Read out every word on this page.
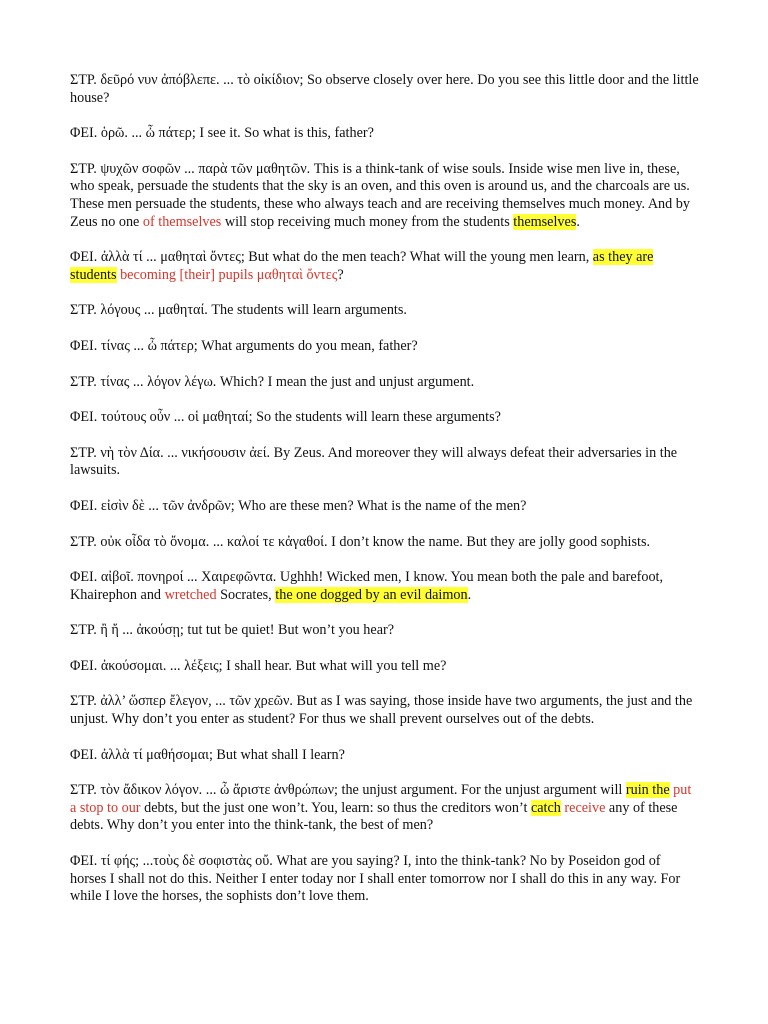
ΣΤΡ. δεῦρό νυν ἀπόβλεπε. ... τὸ οἰκίδιον; So observe closely over here. Do you see this little door and the little house?

ΦΕΙ. ὁρῶ. ... ὦ πάτερ; I see it. So what is this, father?

ΣΤΡ. ψυχῶν σοφῶν ... παρὰ τῶν μαθητῶν. This is a think-tank of wise souls. Inside wise men live in, these, who speak, persuade the students that the sky is an oven, and this oven is around us, and the charcoals are us. These men persuade the students, these who always teach and are receiving themselves much money. And by Zeus no one of themselves will stop receiving much money from the students themselves.

ΦΕΙ. ἀλλὰ τί ... μαθηταὶ ὄντες; But what do the men teach? What will the young men learn, as they are students becoming [their] pupils μαθηταὶ ὄντες?

ΣΤΡ. λόγους ... μαθηταί. The students will learn arguments.

ΦΕΙ. τίνας ... ὦ πάτερ; What arguments do you mean, father?

ΣΤΡ. τίνας ... λόγον λέγω. Which? I mean the just and unjust argument.

ΦΕΙ. τούτους οὖν ... οἱ μαθηταί; So the students will learn these arguments?

ΣΤΡ. νὴ τὸν Δία. ... νικήσουσιν ἀεί. By Zeus. And moreover they will always defeat their adversaries in the lawsuits.

ΦΕΙ. εἰσὶν δὲ ... τῶν ἀνδρῶν; Who are these men? What is the name of the men?

ΣΤΡ. οὐκ οἶδα τὸ ὄνομα. ... καλοί τε κἀγαθοί. I don’t know the name. But they are jolly good sophists.

ΦΕΙ. αἰβοῖ. πονηροί ... Χαιρεφῶντα. Ughhh! Wicked men, I know. You mean both the pale and barefoot, Khairephon and wretched Socrates, the one dogged by an evil daimon.

ΣΤΡ. ἢ ἤ ... ἀκούσῃ; tut tut be quiet! But won’t you hear?

ΦΕΙ. ἀκούσομαι. ... λέξεις; I shall hear. But what will you tell me?

ΣΤΡ. ἀλλ’ ὥσπερ ἔλεγον, ... τῶν χρεῶν. But as I was saying, those inside have two arguments, the just and the unjust. Why don’t you enter as student? For thus we shall prevent ourselves out of the debts.

ΦΕΙ. ἀλλὰ τί μαθήσομαι; But what shall I learn?

ΣΤΡ. τὸν ἄδικον λόγον. ... ὦ ἄριστε ἀνθρώπων; the unjust argument. For the unjust argument will ruin the put a stop to our debts, but the just one won’t. You, learn: so thus the creditors won’t catch receive any of these debts. Why don’t you enter into the think-tank, the best of men?

ΦΕΙ. τί φής; ...τοὺς δὲ σοφιστὰς οὔ. What are you saying? I, into the think-tank? No by Poseidon god of horses I shall not do this. Neither I enter today nor I shall enter tomorrow nor I shall do this in any way. For while I love the horses, the sophists don’t love them.
